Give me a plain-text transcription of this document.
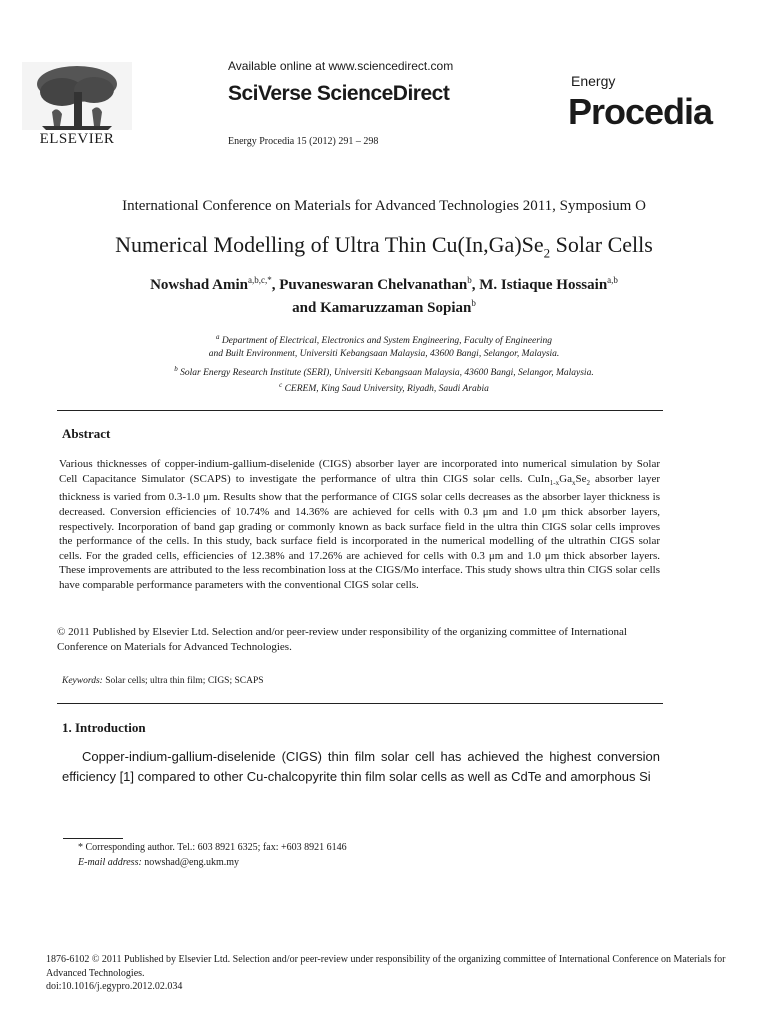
ELSEVIER
Available online at www.sciencedirect.com
SciVerse ScienceDirect
Energy Procedia 15 (2012) 291 – 298
Energy
Procedia
International Conference on Materials for Advanced Technologies 2011, Symposium O
Numerical Modelling of Ultra Thin $Cu(In,Ga)Se_2$ Solar Cells
Nowshad Amin$^{a,b,c,*}$, Puvaneswaran Chelvanathan$^b$, M. Istiaque Hossain$^{a,b}$
and Kamaruzzaman Sopian$^b$
$^a$ Department of Electrical, Electronics and System Engineering, Faculty of Engineering
and Built Environment, Universiti Kebangsaan Malaysia, 43600 Bangi, Selangor, Malaysia.
$^b$ Solar Energy Research Institute (SERI), Universiti Kebangsaan Malaysia, 43600 Bangi, Selangor, Malaysia.
$^c$ CEREM, King Saud University, Riyadh, Saudi Arabia
Abstract
Various thicknesses of copper-indium-gallium-diselenide (CIGS) absorber layer are incorporated into numerical simulation by Solar Cell Capacitance Simulator (SCAPS) to investigate the performance of ultra thin CIGS solar cells. $CuIn_{1-x}Ga_xSe_2$ absorber layer thickness is varied from 0.3-1.0 μm. Results show that the performance of CIGS solar cells decreases as the absorber layer thickness is decreased. Conversion efficiencies of 10.74% and 14.36% are achieved for cells with 0.3 μm and 1.0 μm thick absorber layers, respectively. Incorporation of band gap grading or commonly known as back surface field in the ultra thin CIGS solar cells improves the performance of the cells. In this study, back surface field is incorporated in the numerical modelling of the ultrathin CIGS solar cells. For the graded cells, efficiencies of 12.38% and 17.26% are achieved for cells with 0.3 μm and 1.0 μm thick absorber layers. These improvements are attributed to the less recombination loss at the CIGS/Mo interface. This study shows ultra thin CIGS solar cells have comparable performance parameters with the conventional CIGS solar cells.
© 2011 Published by Elsevier Ltd. Selection and/or peer-review under responsibility of the organizing committee of International Conference on Materials for Advanced Technologies.
Keywords: Solar cells; ultra thin film; CIGS; SCAPS
1. Introduction
Copper-indium-gallium-diselenide (CIGS) thin film solar cell has achieved the highest conversion efficiency [1] compared to other Cu-chalcopyrite thin film solar cells as well as CdTe and amorphous Si
* Corresponding author. Tel.: 603 8921 6325; fax: +603 8921 6146
E-mail address: nowshad@eng.ukm.my
1876-6102 © 2011 Published by Elsevier Ltd. Selection and/or peer-review under responsibility of the organizing committee of International Conference on Materials for Advanced Technologies.
doi:10.1016/j.egypro.2012.02.034
